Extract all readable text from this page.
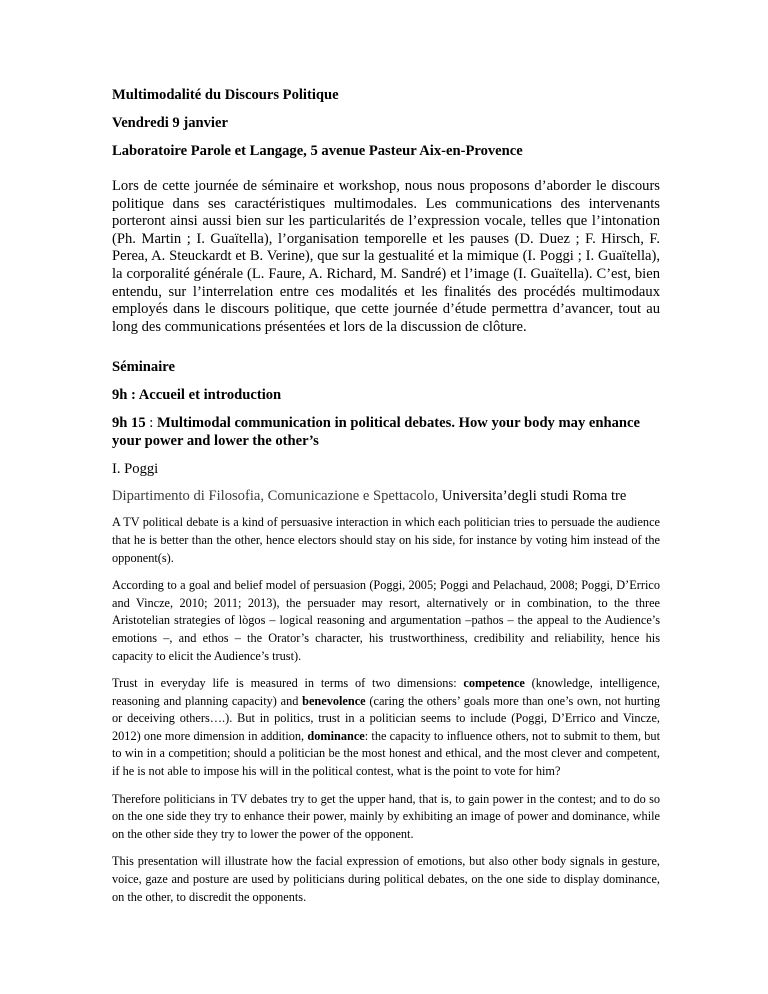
Multimodalité du Discours Politique

Vendredi 9 janvier

Laboratoire Parole et Langage, 5 avenue Pasteur Aix-en-Provence

Lors de cette journée de séminaire et workshop, nous nous proposons d’aborder le discours politique dans ses caractéristiques multimodales. Les communications des intervenants porteront ainsi aussi bien sur les particularités de l’expression vocale, telles que l’intonation (Ph. Martin ; I. Guaïtella), l’organisation temporelle et les pauses (D. Duez ; F. Hirsch, F. Perea, A. Steuckardt et B. Verine), que sur la gestualité et la mimique (I. Poggi ; I. Guaïtella), la corporalité générale (L. Faure, A. Richard, M. Sandré) et l’image (I. Guaïtella). C’est, bien entendu, sur l’interrelation entre ces modalités et les finalités des procédés multimodaux employés dans le discours politique, que cette journée d’étude permettra d’avancer, tout au long des communications présentées et lors de la discussion de clôture.

Séminaire

9h : Accueil et introduction

9h 15 : Multimodal communication in political debates. How your body may enhance your power and lower the other’s

I. Poggi

Dipartimento di Filosofia, Comunicazione e Spettacolo, Universita’degli studi Roma tre

A TV political debate is a kind of persuasive interaction in which each politician tries to persuade the audience that he is better than the other, hence electors should stay on his side, for instance by voting him instead of the opponent(s).

According to a goal and belief model of persuasion (Poggi, 2005; Poggi and Pelachaud, 2008; Poggi, D’Errico and Vincze, 2010; 2011; 2013), the persuader may resort, alternatively or in combination, to the three Aristotelian strategies of lògos – logical reasoning and argumentation –pathos – the appeal to the Audience’s emotions –, and ethos – the Orator’s character, his trustworthiness, credibility and reliability, hence his capacity to elicit the Audience’s trust).

Trust in everyday life is measured in terms of two dimensions: competence (knowledge, intelligence, reasoning and planning capacity) and benevolence (caring the others’ goals more than one’s own, not hurting or deceiving others….). But in politics, trust in a politician seems to include (Poggi, D’Errico and Vincze, 2012) one more dimension in addition, dominance: the capacity to influence others, not to submit to them, but to win in a competition; should a politician be the most honest and ethical, and the most clever and competent, if he is not able to impose his will in the political contest, what is the point to vote for him?

Therefore politicians in TV debates try to get the upper hand, that is, to gain power in the contest; and to do so on the one side they try to enhance their power, mainly by exhibiting an image of power and dominance, while on the other side they try to lower the power of the opponent.

This presentation will illustrate how the facial expression of emotions, but also other body signals in gesture, voice, gaze and posture are used by politicians during political debates, on the one side to display dominance, on the other, to discredit the opponents.
